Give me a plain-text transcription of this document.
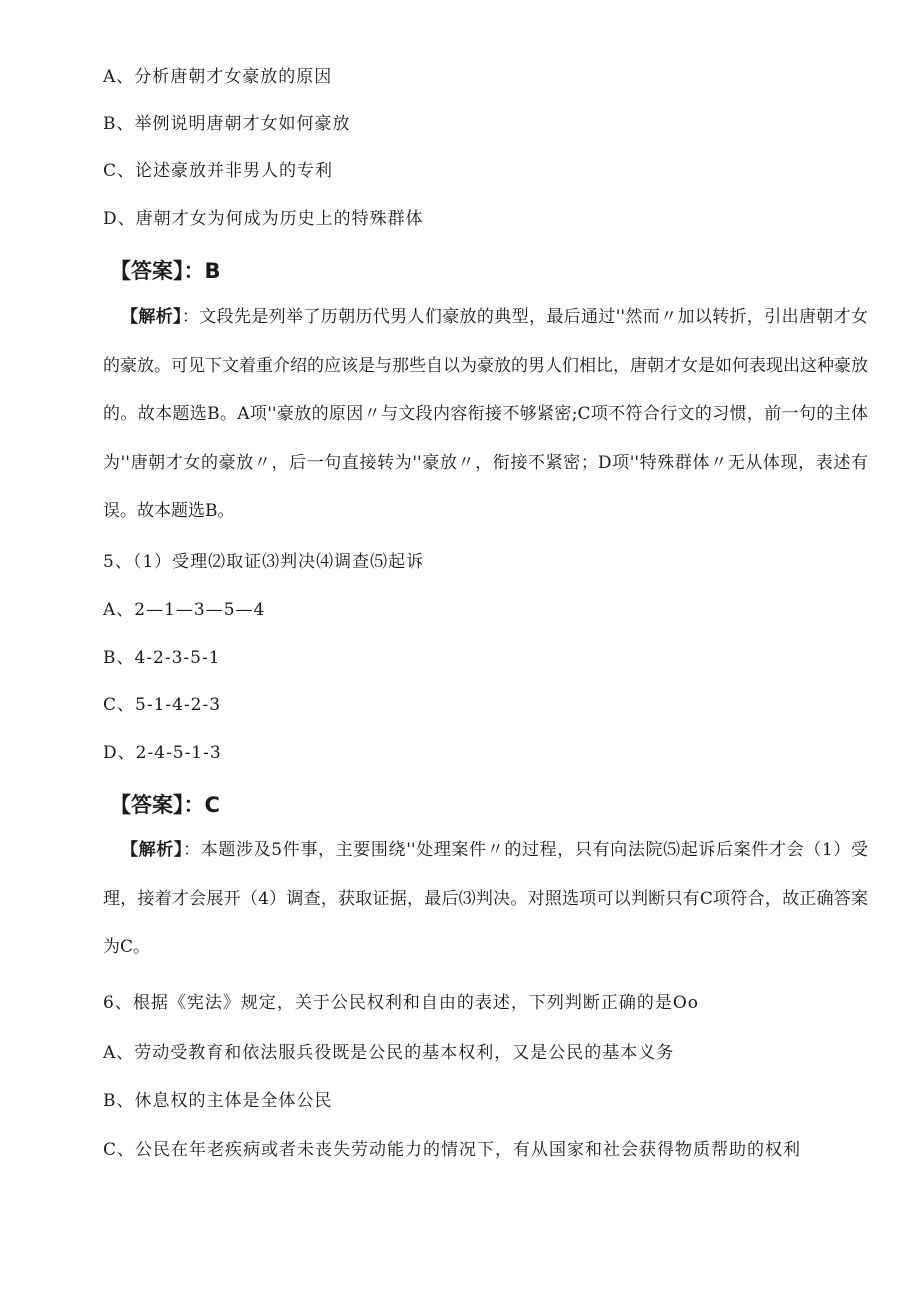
A、分析唐朝才女豪放的原因
B、举例说明唐朝才女如何豪放
C、论述豪放并非男人的专利
D、唐朝才女为何成为历史上的特殊群体
【答案】：B
【解析】：文段先是列举了历朝历代男人们豪放的典型，最后通过''然而〃加以转折，引出唐朝才女的豪放。可见下文着重介绍的应该是与那些自以为豪放的男人们相比，唐朝才女是如何表现出这种豪放的。故本题选B。A项''豪放的原因〃与文段内容衔接不够紧密;C项不符合行文的习惯，前一句的主体为''唐朝才女的豪放〃，后一句直接转为''豪放〃，衔接不紧密；D项''特殊群体〃无从体现，表述有误。故本题选B。
5、（1）受理⑵取证⑶判决⑷调查⑸起诉
A、2—1—3—5—4
B、4-2-3-5-1
C、5-1-4-2-3
D、2-4-5-1-3
【答案】：C
【解析】：本题涉及5件事，主要围绕''处理案件〃的过程，只有向法院⑸起诉后案件才会（1）受理，接着才会展开（4）调查，获取证据，最后⑶判决。对照选项可以判断只有C项符合，故正确答案为C。
6、根据《宪法》规定，关于公民权利和自由的表述，下列判断正确的是Oo
A、劳动受教育和依法服兵役既是公民的基本权利，又是公民的基本义务
B、休息权的主体是全体公民
C、公民在年老疾病或者未丧失劳动能力的情况下，有从国家和社会获得物质帮助的权利
